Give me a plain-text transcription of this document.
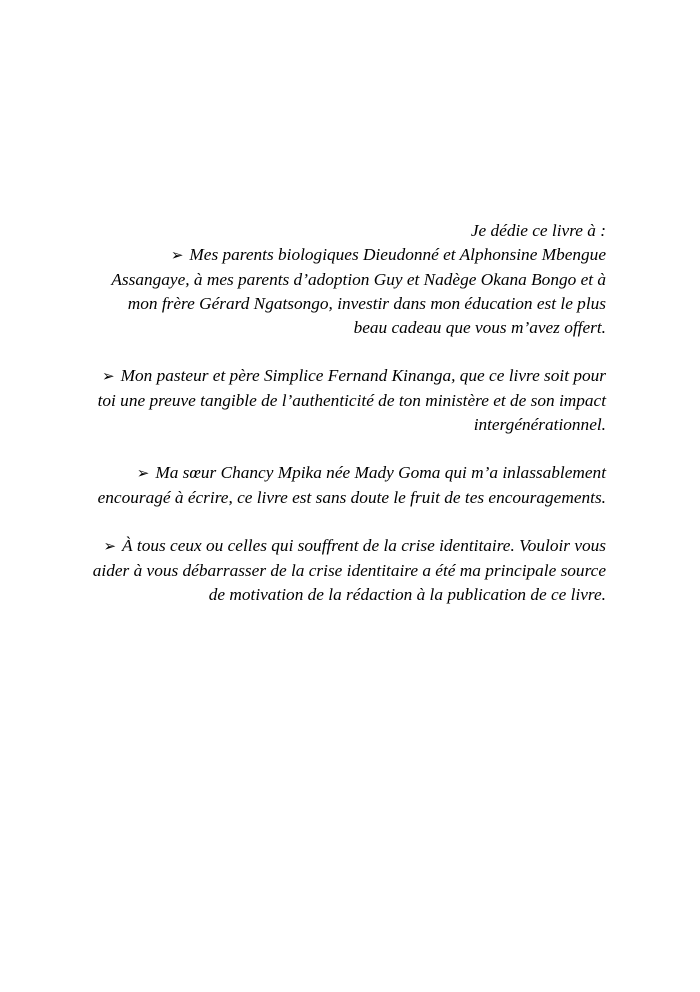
Je dédie ce livre à :

➢ Mes parents biologiques Dieudonné et Alphonsine Mbengue Assangaye, à mes parents d’adoption Guy et Nadège Okana Bongo et à mon frère Gérard Ngatsongo, investir dans mon éducation est le plus beau cadeau que vous m’avez offert.

➢ Mon pasteur et père Simplice Fernand Kinanga, que ce livre soit pour toi une preuve tangible de l’authenticité de ton ministère et de son impact intergénérationnel.

➢ Ma sœur Chancy Mpika née Mady Goma qui m’a inlassablement encouragé à écrire, ce livre est sans doute le fruit de tes encouragements.

➢ À tous ceux ou celles qui souffrent de la crise identitaire. Vouloir vous aider à vous débarrasser de la crise identitaire a été ma principale source de motivation de la rédaction à la publication de ce livre.
